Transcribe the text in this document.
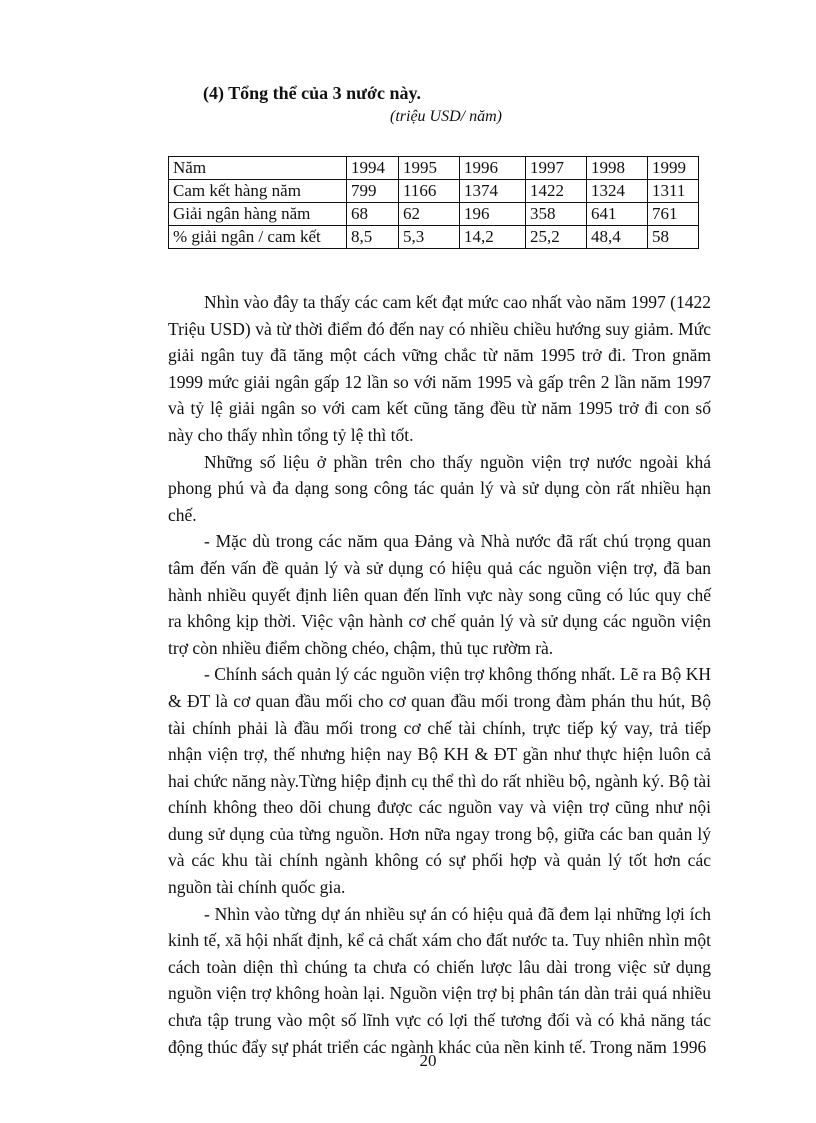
(4) Tổng thể của 3 nước này.

(triệu USD/ năm)

Năm	1994	1995	1996	1997	1998	1999
Cam kết hàng năm	799	1166	1374	1422	1324	1311
Giải ngân hàng năm	68	62	196	358	641	761
% giải ngân / cam kết	8,5	5,3	14,2	25,2	48,4	58

Nhìn vào đây ta thấy các cam kết đạt mức cao nhất vào năm 1997 (1422 Triệu USD) và từ thời điểm đó đến nay có nhiều chiều hướng suy giảm. Mức giải ngân tuy đã tăng một cách vững chắc từ năm 1995 trở đi. Tron gnăm 1999 mức giải ngân gấp 12 lần so với năm 1995 và gấp trên 2 lần năm 1997 và tỷ lệ giải ngân so với cam kết cũng tăng đều từ năm 1995 trở đi con số này cho thấy nhìn tổng tỷ lệ thì tốt.

Những số liệu ở phần trên cho thấy nguồn viện trợ nước ngoài khá phong phú và đa dạng song công tác quản lý và sử dụng còn rất nhiều hạn chế.

- Mặc dù trong các năm qua Đảng và Nhà nước đã rất chú trọng quan tâm đến vấn đề quản lý và sử dụng có hiệu quả các nguồn viện trợ, đã ban hành nhiều quyết định liên quan đến lĩnh vực này song cũng có lúc quy chế ra không kịp thời. Việc vận hành cơ chế quản lý và sử dụng các nguồn viện trợ còn nhiều điểm chồng chéo, chậm, thủ tục rườm rà.

- Chính sách quản lý các nguồn viện trợ không thống nhất. Lẽ ra Bộ KH & ĐT là cơ quan đầu mối cho cơ quan đầu mối trong đàm phán thu hút, Bộ tài chính phải là đầu mối trong cơ chế tài chính, trực tiếp ký vay, trả tiếp nhận viện trợ, thế nhưng hiện nay Bộ KH & ĐT gần như thực hiện luôn cả hai chức năng này.Từng hiệp định cụ thể thì do rất nhiều bộ, ngành ký. Bộ tài chính không theo dõi chung được các nguồn vay và viện trợ cũng như nội dung sử dụng của từng nguồn. Hơn nữa ngay trong bộ, giữa các ban quản lý và các khu tài chính ngành không có sự phối hợp và quản lý tốt hơn các nguồn tài chính quốc gia.

- Nhìn vào từng dự án nhiều sự án có hiệu quả đã đem lại những lợi ích kinh tế, xã hội nhất định, kể cả chất xám cho đất nước ta. Tuy nhiên nhìn một cách toàn diện thì chúng ta chưa có chiến lược lâu dài trong việc sử dụng nguồn viện trợ không hoàn lại. Nguồn viện trợ bị phân tán dàn trải quá nhiều chưa tập trung vào một số lĩnh vực có lợi thế tương đối và có khả năng tác động thúc đẩy sự phát triển các ngành khác của nền kinh tế. Trong năm 1996

20
